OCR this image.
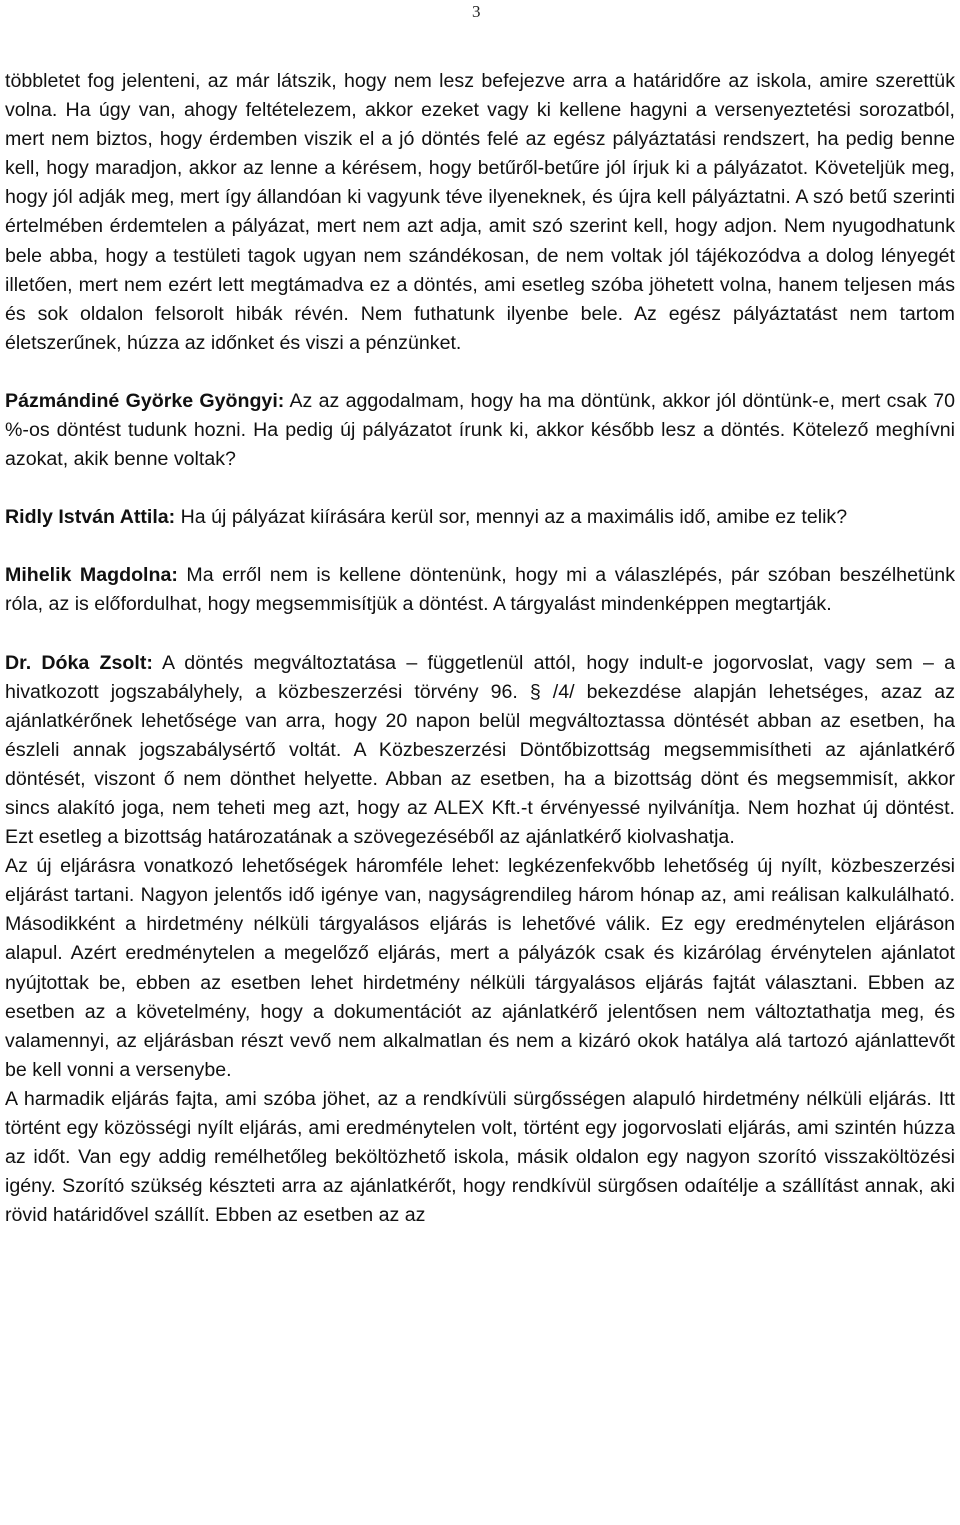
3

többletet fog jelenteni, az már látszik, hogy nem lesz befejezve arra a határidőre az iskola, amire szerettük volna. Ha úgy van, ahogy feltételezem, akkor ezeket vagy ki kellene hagyni a versenyeztetési sorozatból, mert nem biztos, hogy érdemben viszik el a jó döntés felé az egész pályáztatási rendszert, ha pedig benne kell, hogy maradjon, akkor az lenne a kérésem, hogy betűről-betűre jól írjuk ki a pályázatot. Követeljük meg, hogy jól adják meg, mert így állandóan ki vagyunk téve ilyeneknek, és újra kell pályáztatni. A szó betű szerinti értelmében érdemtelen a pályázat, mert nem azt adja, amit szó szerint kell, hogy adjon. Nem nyugodhatunk bele abba, hogy a testületi tagok ugyan nem szándékosan, de nem voltak jól tájékozódva a dolog lényegét illetően, mert nem ezért lett megtámadva ez a döntés, ami esetleg szóba jöhetett volna, hanem teljesen más és sok oldalon felsorolt hibák révén. Nem futhatunk ilyenbe bele. Az egész pályáztatást nem tartom életszerűnek, húzza az időnket és viszi a pénzünket.

Pázmándiné Györke Gyöngyi: Az az aggodalmam, hogy ha ma döntünk, akkor jól döntünk-e, mert csak 70 %-os döntést tudunk hozni. Ha pedig új pályázatot írunk ki, akkor később lesz a döntés. Kötelező meghívni azokat, akik benne voltak?

Ridly István Attila: Ha új pályázat kiírására kerül sor, mennyi az a maximális idő, amibe ez telik?

Mihelik Magdolna: Ma erről nem is kellene döntenünk, hogy mi a válaszlépés, pár szóban beszélhetünk róla, az is előfordulhat, hogy megsemmisítjük a döntést. A tárgyalást mindenképpen megtartják.

Dr. Dóka Zsolt: A döntés megváltoztatása – függetlenül attól, hogy indult-e jogorvoslat, vagy sem – a hivatkozott jogszabályhely, a közbeszerzési törvény 96. § /4/ bekezdése alapján lehetséges, azaz az ajánlatkérőnek lehetősége van arra, hogy 20 napon belül megváltoztassa döntését abban az esetben, ha észleli annak jogszabálysértő voltát. A Közbeszerzési Döntőbizottság megsemmisítheti az ajánlatkérő döntését, viszont ő nem dönthet helyette. Abban az esetben, ha a bizottság dönt és megsemmisít, akkor sincs alakító joga, nem teheti meg azt, hogy az ALEX Kft.-t érvényessé nyilvánítja. Nem hozhat új döntést. Ezt esetleg a bizottság határozatának a szövegezéséből az ajánlatkérő kiolvashatja.

Az új eljárásra vonatkozó lehetőségek háromféle lehet: legkézenfekvőbb lehetőség új nyílt, közbeszerzési eljárást tartani. Nagyon jelentős idő igénye van, nagyságrendileg három hónap az, ami reálisan kalkulálható. Másodikként a hirdetmény nélküli tárgyalásos eljárás is lehetővé válik. Ez egy eredménytelen eljáráson alapul. Azért eredménytelen a megelőző eljárás, mert a pályázók csak és kizárólag érvénytelen ajánlatot nyújtottak be, ebben az esetben lehet hirdetmény nélküli tárgyalásos eljárás fajtát választani. Ebben az esetben az a követelmény, hogy a dokumentációt az ajánlatkérő jelentősen nem változtathatja meg, és valamennyi, az eljárásban részt vevő nem alkalmatlan és nem a kizáró okok hatálya alá tartozó ajánlattevőt be kell vonni a versenybe.

A harmadik eljárás fajta, ami szóba jöhet, az a rendkívüli sürgősségen alapuló hirdetmény nélküli eljárás. Itt történt egy közösségi nyílt eljárás, ami eredménytelen volt, történt egy jogorvoslati eljárás, ami szintén húzza az időt. Van egy addig remélhetőleg beköltözhető iskola, másik oldalon egy nagyon szorító visszaköltözési igény. Szorító szükség készteti arra az ajánlatkérőt, hogy rendkívül sürgősen odaítélje a szállítást annak, aki rövid határidővel szállít. Ebben az esetben az az
